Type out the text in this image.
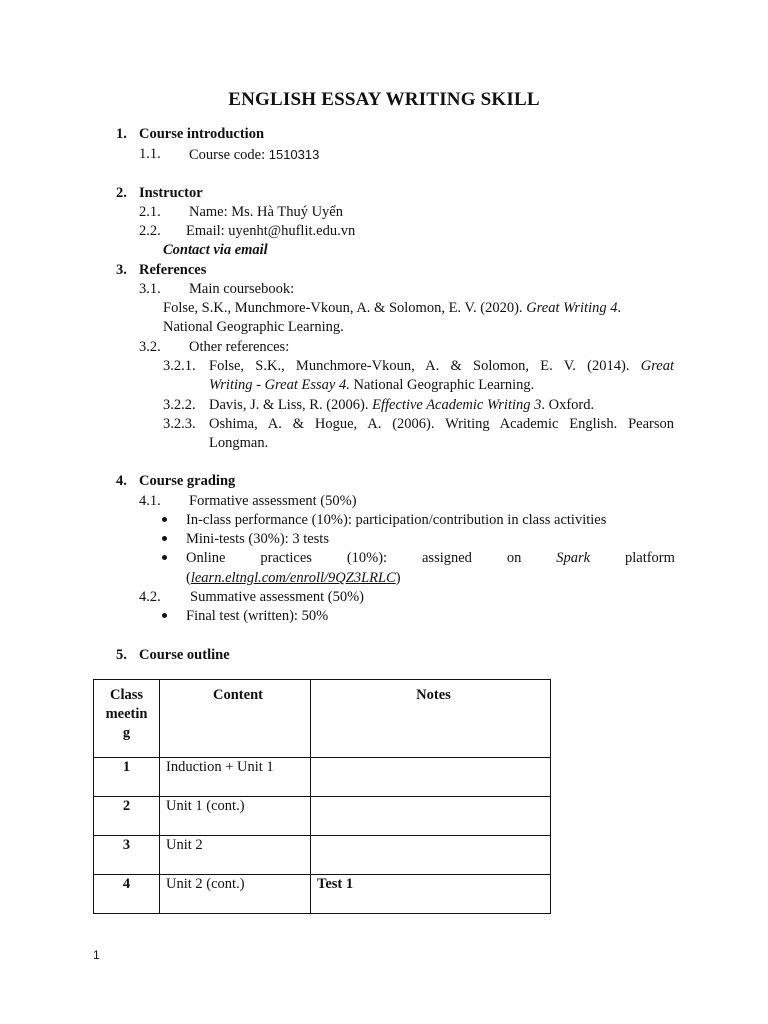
ENGLISH ESSAY WRITING SKILL
1. Course introduction
1.1. Course code: 1510313
2. Instructor
2.1. Name: Ms. Hà Thuý Uyển
2.2. Email: uyenht@huflit.edu.vn
Contact via email
3. References
3.1. Main coursebook:
Folse, S.K., Munchmore-Vkoun, A. & Solomon, E. V. (2020). Great Writing 4.
National Geographic Learning.
3.2. Other references:
3.2.1. Folse, S.K., Munchmore-Vkoun, A. & Solomon, E. V. (2014). Great
Writing - Great Essay 4. National Geographic Learning.
3.2.2. Davis, J. & Liss, R. (2006). Effective Academic Writing 3. Oxford.
3.2.3. Oshima, A. & Hogue, A. (2006). Writing Academic English. Pearson
Longman.
4. Course grading
4.1. Formative assessment (50%)
In-class performance (10%): participation/contribution in class activities
Mini-tests (30%): 3 tests
Online practices (10%): assigned on Spark platform
(learn.eltngl.com/enroll/9QZ3LRLC)
4.2. Summative assessment (50%)
Final test (written): 50%
5. Course outline
Class
meetin
g	Content	Notes

1	Induction + Unit 1	
2	Unit 1 (cont.)	
3	Unit 2	
4	Unit 2 (cont.)	Test 1
1
